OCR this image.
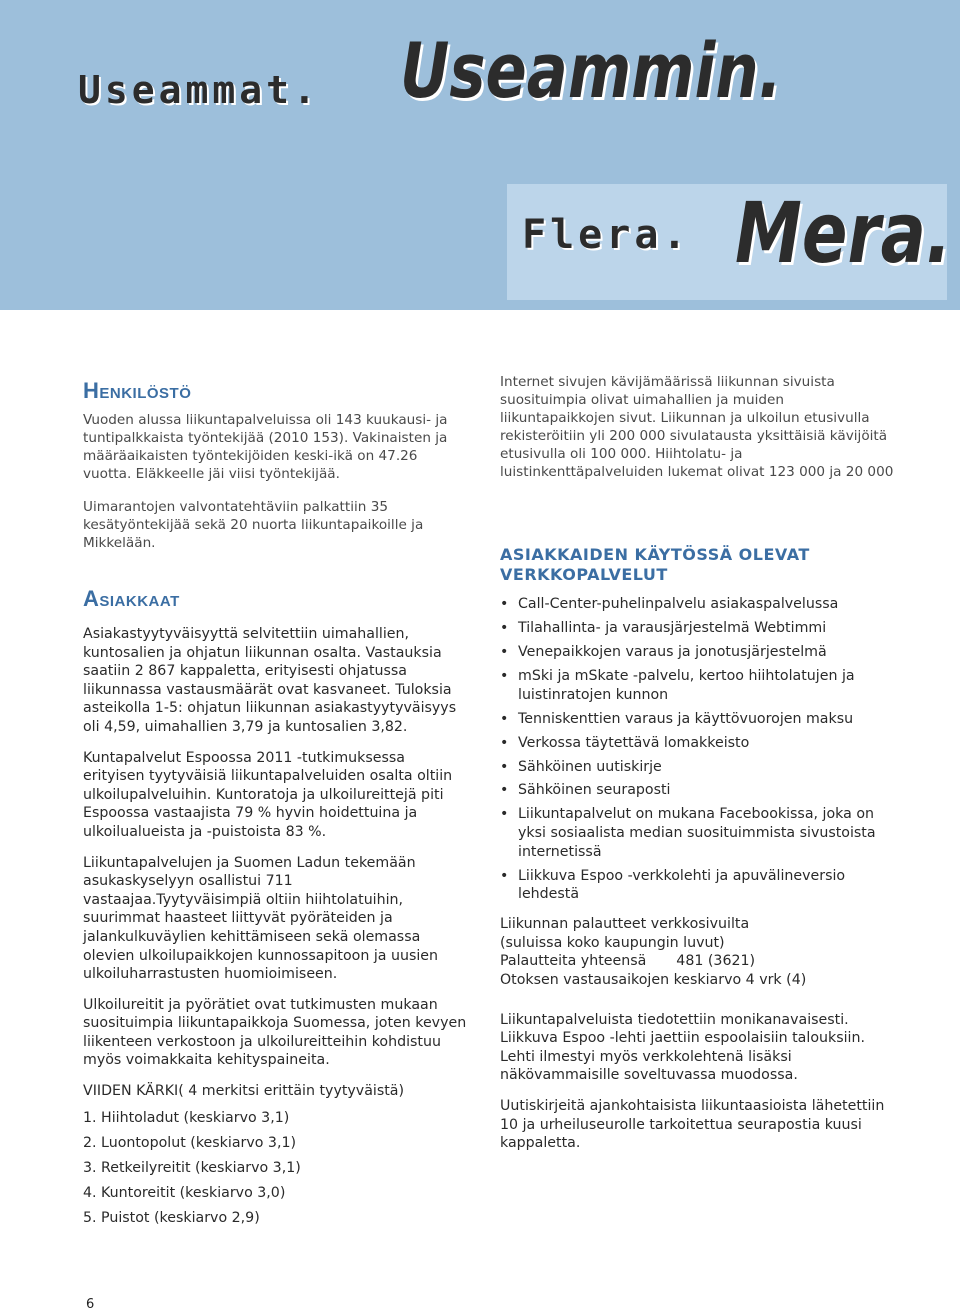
Useammat. Useammin.
Flera. Mera.
Henkilöstö

Vuoden alussa liikuntapalveluissa oli 143 kuukausi- ja tuntipalkkaista työntekijää (2010 153). Vakinaisten ja määräaikaisten työntekijöiden keski-ikä on 47.26 vuotta. Eläkkeelle jäi viisi työntekijää.

Uimarantojen valvontatehtäviin palkattiin 35 kesätyöntekijää sekä 20 nuorta liikuntapaikoille ja Mikkelään.

Asiakkaat

Asiakastyytyväisyyttä selvitettiin uimahallien, kuntosalien ja ohjatun liikunnan osalta. Vastauksia saatiin 2 867 kappaletta, erityisesti ohjatussa liikunnassa vastausmäärät ovat kasvaneet. Tuloksia asteikolla 1-5: ohjatun liikunnan asiakastyytyväisyys oli 4,59, uimahallien 3,79 ja kuntosalien 3,82.

Kuntapalvelut Espoossa 2011 -tutkimuksessa erityisen tyytyväisiä liikuntapalveluiden osalta oltiin ulkoilupalveluihin. Kuntoratoja ja ulkoilureittejä piti Espoossa vastaajista 79 % hyvin hoidettuina ja ulkoilualueista ja -puistoista 83 %.

Liikuntapalvelujen ja Suomen Ladun tekemään asukaskyselyyn osallistui 711 vastaajaa.Tyytyväisimpiä oltiin hiihtolatuihin, suurimmat haasteet liittyvät pyöräteiden ja jalankulkuväylien kehittämiseen sekä olemassa olevien ulkoilupaikkojen kunnossapitoon ja uusien ulkoiluharrastusten huomioimiseen.

Ulkoilureitit ja pyörätiet ovat tutkimusten mukaan suosituimpia liikuntapaikkoja Suomessa, joten kevyen liikenteen verkostoon ja ulkoilureitteihin kohdistuu myös voimakkaita kehityspaineita.

VIIDEN KÄRKI( 4 merkitsi erittäin tyytyväistä)

1. Hiihtoladut (keskiarvo 3,1)
2. Luontopolut (keskiarvo 3,1)
3. Retkeilyreitit (keskiarvo 3,1)
4. Kuntoreitit (keskiarvo 3,0)
5. Puistot (keskiarvo 2,9)

Internet sivujen kävijämäärissä liikunnan sivuista suosituimpia olivat uimahallien ja muiden liikuntapaikkojen sivut. Liikunnan ja ulkoilun etusivulla rekisteröitiin yli 200 000 sivulatausta yksittäisiä kävijöitä etusivulla oli 100 000. Hiihtolatu- ja luistinkenttäpalveluiden lukemat olivat 123 000 ja 20 000

ASIAKKAIDEN KÄYTÖSSÄ OLEVAT VERKKOPALVELUT
• Call-Center-puhelinpalvelu asiakaspalvelussa
• Tilahallinta- ja varausjärjestelmä Webtimmi
• Venepaikkojen varaus ja jonotusjärjestelmä
• mSki ja mSkate -palvelu, kertoo hiihtolatujen ja luistinratojen kunnon
• Tenniskenttien varaus ja käyttövuorojen maksu
• Verkossa täytettävä lomakkeisto
• Sähköinen uutiskirje
• Sähköinen seuraposti
• Liikuntapalvelut on mukana Facebookissa, joka on yksi sosiaalista median suosituimmista sivustoista internetissä
• Liikkuva Espoo -verkkolehti ja apuvälineversio lehdestä

Liikunnan palautteet verkkosivuilta

(suluissa koko kaupungin luvut)

Palautteita yhteensä 481 (3621)

Otoksen vastausaikojen keskiarvo 4 vrk (4)

Liikuntapalveluista tiedotettiin monikanavaisesti. Liikkuva Espoo -lehti jaettiin espoolaisiin talouksiin. Lehti ilmestyi myös verkkolehtenä lisäksi näkövammaisille soveltuvassa muodossa.

Uutiskirjeitä ajankohtaisista liikuntaasioista lähetettiin 10 ja urheiluseurolle tarkoitettua seurapostia kuusi kappaletta.

6
